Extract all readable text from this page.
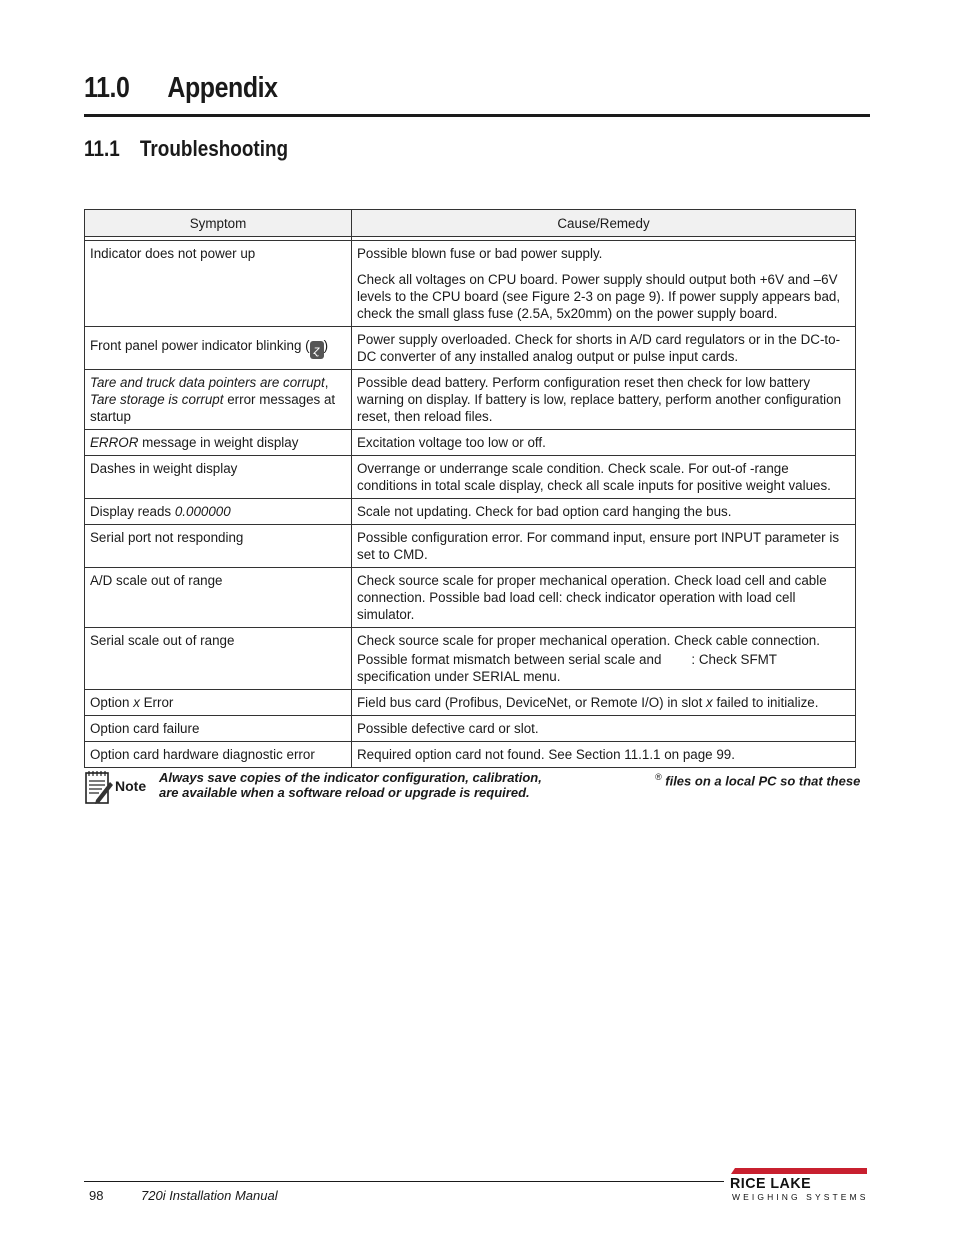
11.0 Appendix
11.1 Troubleshooting
Symptom	Cause/Remedy

Indicator does not power up	Possible blown fuse or bad power supply.

Check all voltages on CPU board. Power supply should output both +6V and –6V levels to the CPU board (see Figure 2-3 on page 9). If power supply appears bad, check the small glass fuse (2.5A, 5x20mm) on the power supply board.

Front panel power indicator blinking ( ɀ )	Power supply overloaded. Check for shorts in A/D card regulators or in the DC-to-DC converter of any installed analog output or pulse input cards.
Tare and truck data pointers are corrupt,
Tare storage is corrupt error messages at startup	Possible dead battery. Perform configuration reset then check for low battery warning on display. If battery is low, replace battery, perform another configuration reset, then reload files.
ERROR message in weight display	Excitation voltage too low or off.
Dashes in weight display	Overrange or underrange scale condition. Check scale. For out-of -range conditions in total scale display, check all scale inputs for positive weight values.
Display reads 0.000000	Scale not updating. Check for bad option card hanging the bus.
Serial port not responding	Possible configuration error. For command input, ensure port INPUT parameter is set to CMD.
A/D scale out of range	Check source scale for proper mechanical operation. Check load cell and cable connection. Possible bad load cell: check indicator operation with load cell simulator.
Serial scale out of range	Check source scale for proper mechanical operation. Check cable connection.

Possible format mismatch between serial scale and : Check SFMT specification under SERIAL menu.

Option x Error	Field bus card (Profibus, DeviceNet, or Remote I/O) in slot x failed to initialize.
Option card failure	Possible defective card or slot.
Option card hardware diagnostic error	Required option card not found. See Section 11.1.1 on page 99.
Note
Always save copies of the indicator configuration, calibration,	® files on a local PC so that these

are available when a software reload or upgrade is required.
98	720i Installation Manual
RICE LAKE
WEIGHING SYSTEMS
